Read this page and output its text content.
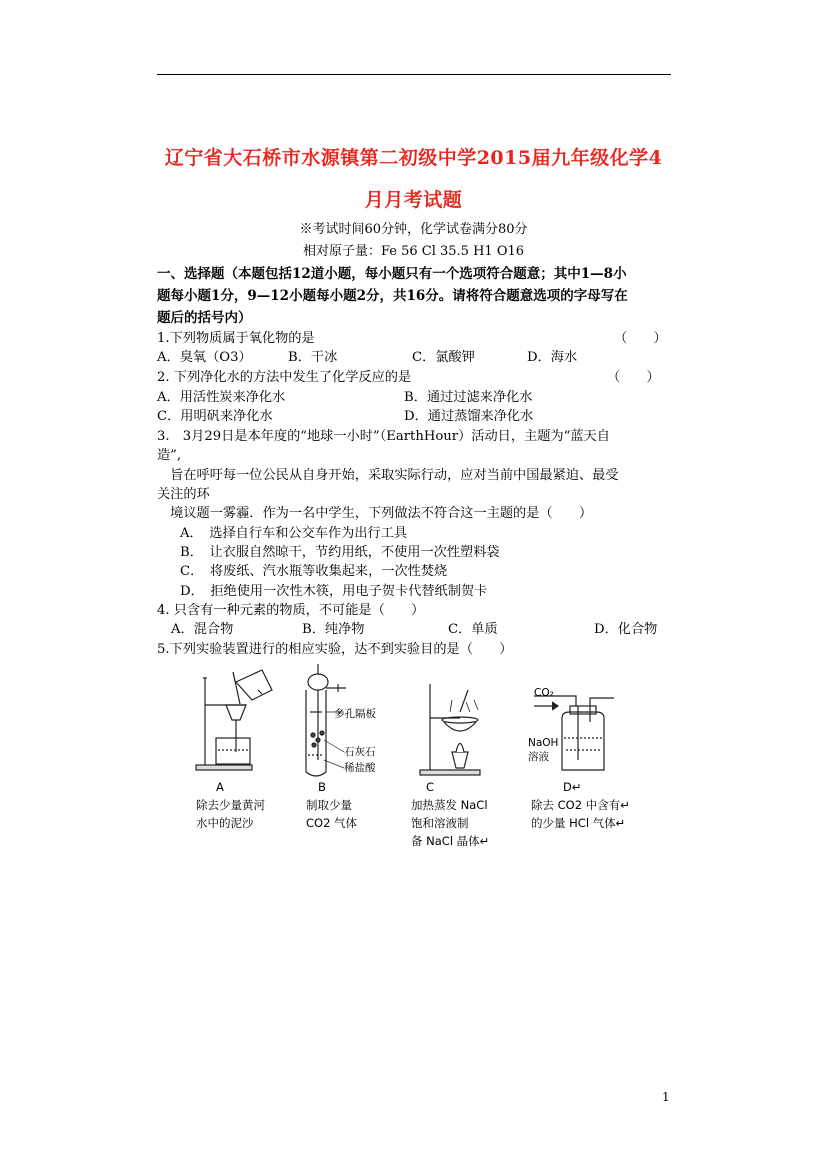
辽宁省大石桥市水源镇第二初级中学2015届九年级化学4
月月考试题
※考试时间60分钟，化学试卷满分80分
相对原子量：Fe 56 Cl 35.5 H1 O16
一、选择题（本题包括12道小题，每小题只有一个选项符合题意；其中1—8小
题每小题1分，9—12小题每小题2分，共16分。请将符合题意选项的字母写在
题后的括号内）
1.下列物质属于氧化物的是	（　　）
A．臭氧（O3）	B．干冰	C．氯酸钾	D．海水
2. 下列净化水的方法中发生了化学反应的是	（　　）
A．用活性炭来净化水	B．通过过滤来净化水
C．用明矾来净化水	D．通过蒸馏来净化水
3.　3月29日是本年度的“地球一小时”（EarthHour）活动日，主题为“蓝天自
造”,
　旨在呼吁每一位公民从自身开始，采取实际行动，应对当前中国最紧迫、最受
关注的环
　境议题一雾霾．作为一名中学生，下列做法不符合这一主题的是（　　）
A．　选择自行车和公交车作为出行工具
B．　让衣服自然晾干，节约用纸，不使用一次性塑料袋
C．　将废纸、汽水瓶等收集起来，一次性焚烧
D．　拒绝使用一次性木筷，用电子贺卡代替纸制贺卡
4. 只含有一种元素的物质，不可能是（　　）
A．混合物	B．纯净物	C．单质	D．化合物
5.下列实验装置进行的相应实验，达不到实验目的是（　　）
多孔隔板
石灰石
稀盐酸
CO₂
NaOH
溶液
A
除去少量黄河
水中的泥沙
B
制取少量
CO2 气体
C
加热蒸发 NaCl
饱和溶液制
备 NaCl 晶体↵
D↵
除去 CO2 中含有↵
的少量 HCl 气体↵
1
